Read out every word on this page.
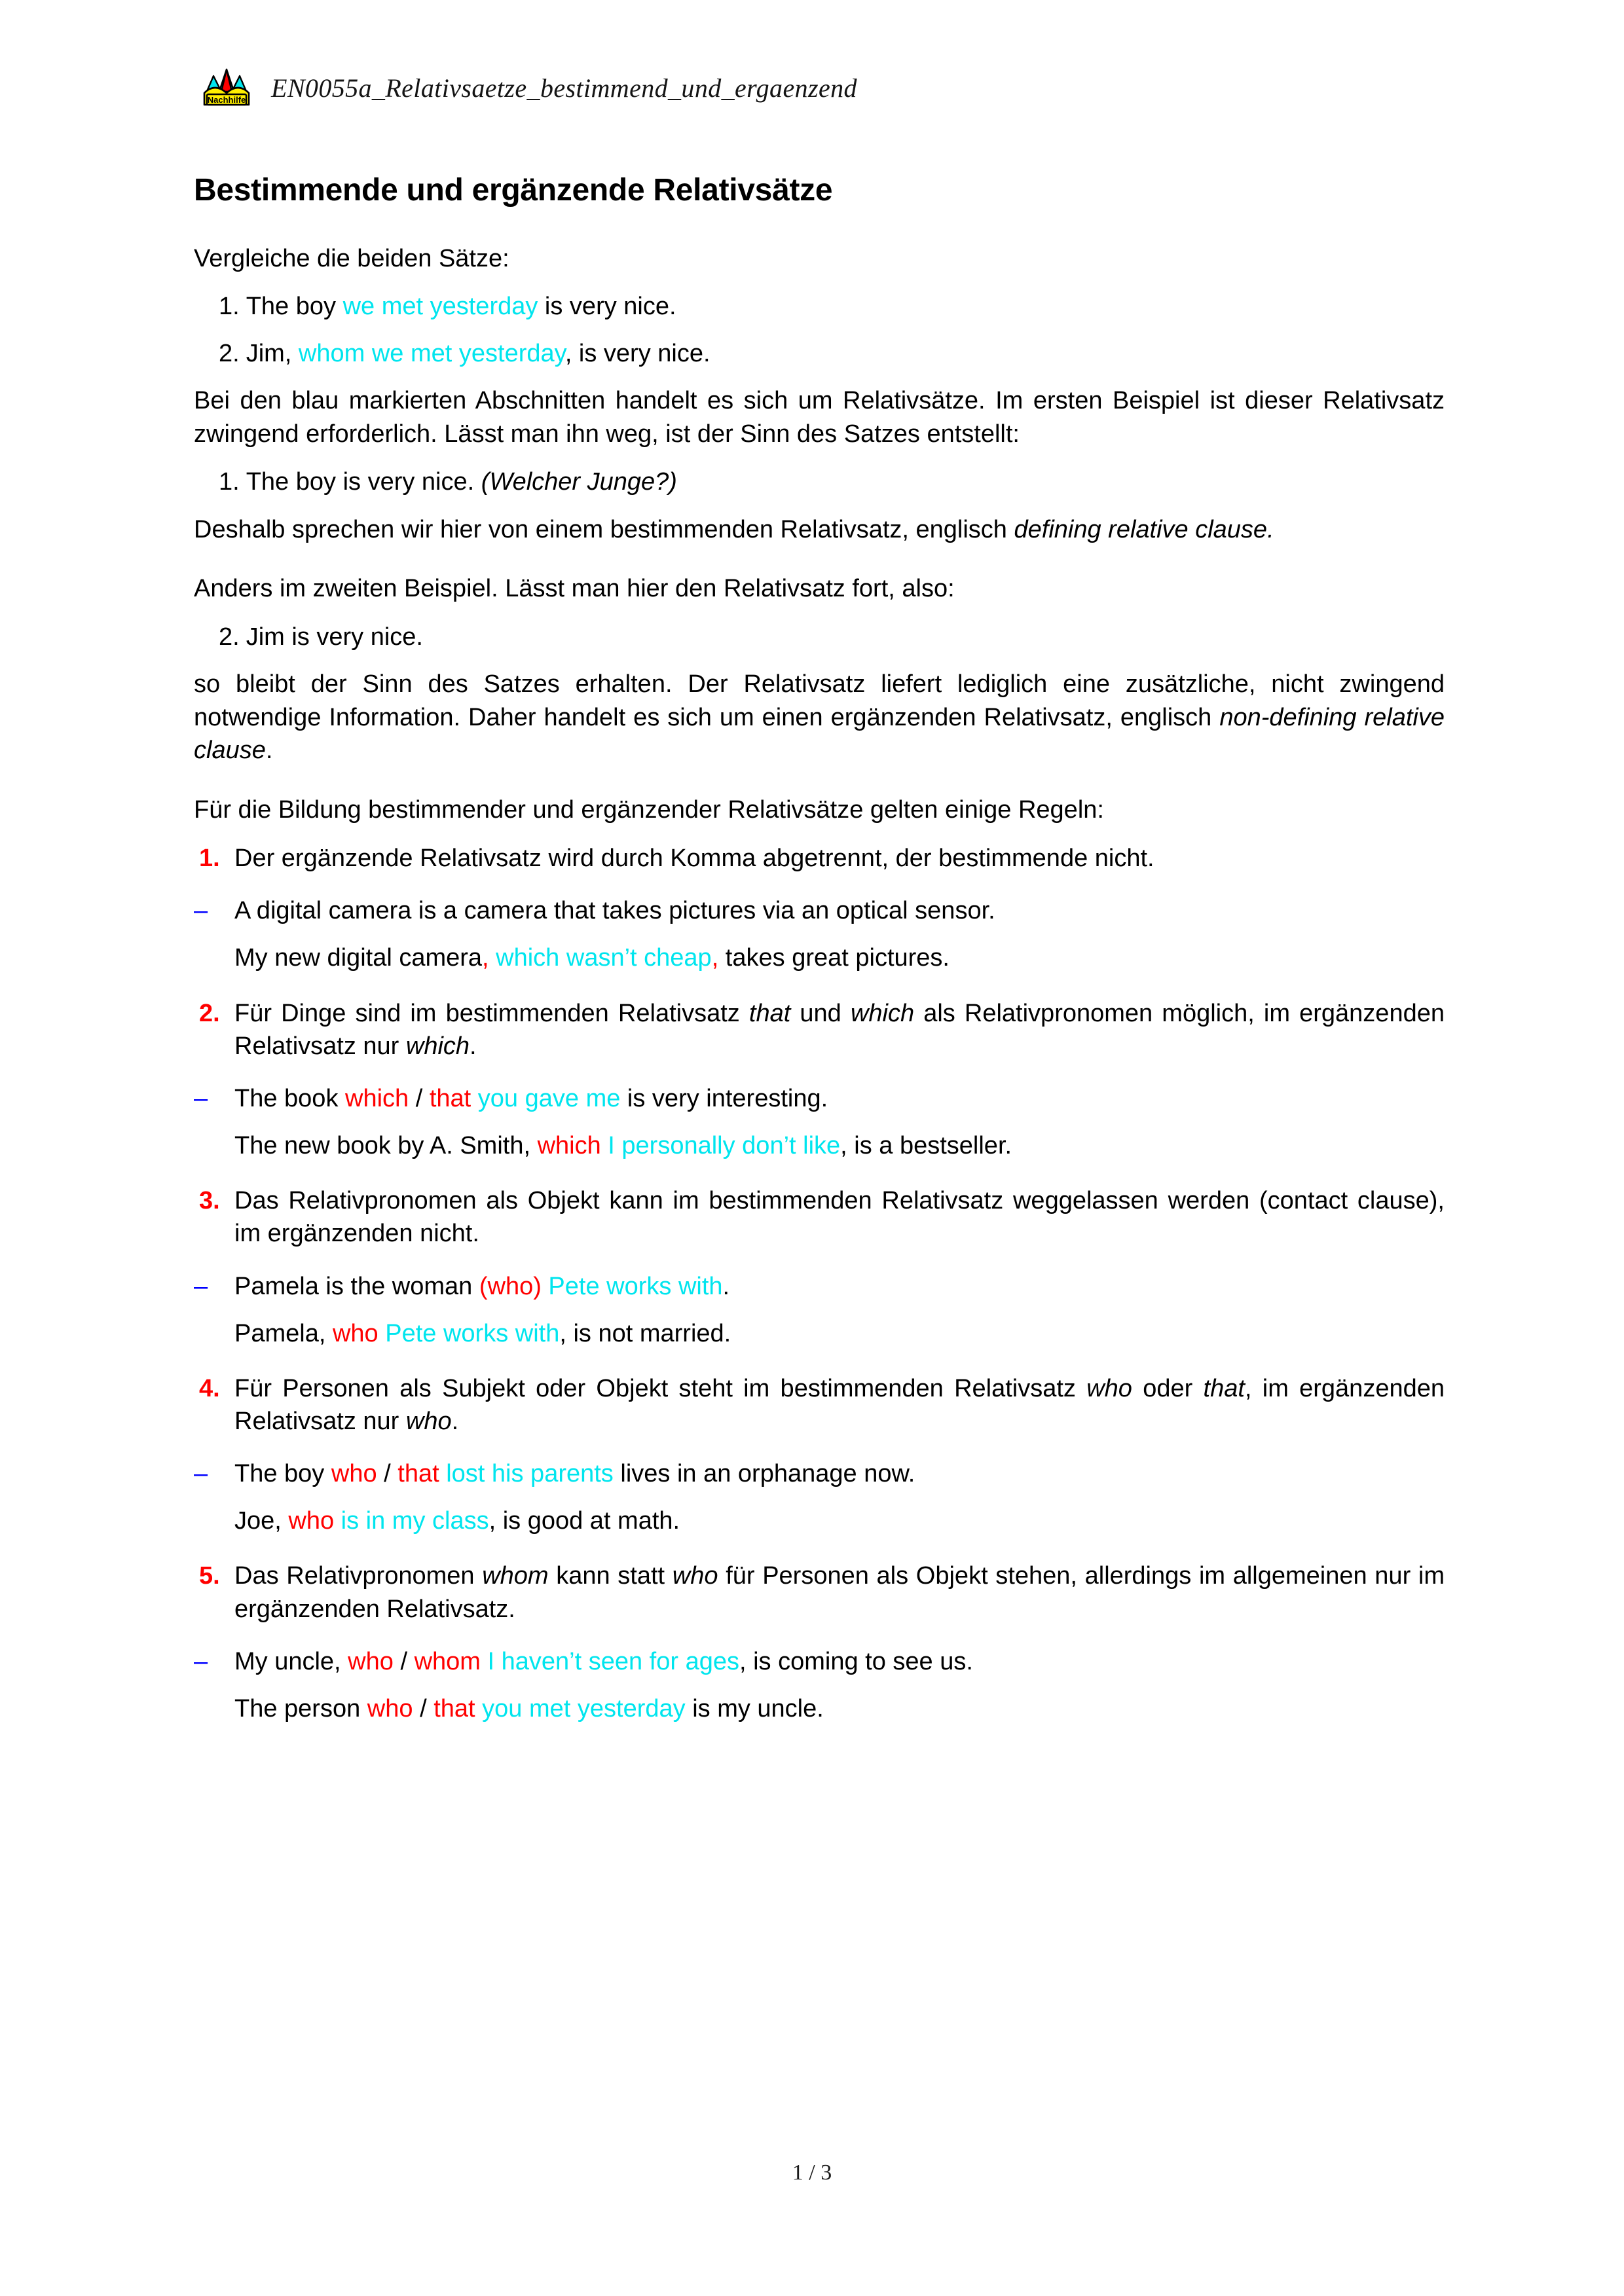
Nachhilfe EN0055a_Relativsaetze_bestimmend_und_ergaenzend
Bestimmende und ergänzende Relativsätze

Vergleiche die beiden Sätze:

1. The boy we met yesterday is very nice.
2. Jim, whom we met yesterday, is very nice.

Bei den blau markierten Abschnitten handelt es sich um Relativsätze. Im ersten Beispiel ist dieser Relativsatz zwingend erforderlich. Lässt man ihn weg, ist der Sinn des Satzes entstellt:

1. The boy is very nice. (Welcher Junge?)

Deshalb sprechen wir hier von einem bestimmenden Relativsatz, englisch defining relative clause.

Anders im zweiten Beispiel. Lässt man hier den Relativsatz fort, also:

2. Jim is very nice.

so bleibt der Sinn des Satzes erhalten. Der Relativsatz liefert lediglich eine zusätzliche, nicht zwingend notwendige Information. Daher handelt es sich um einen ergänzenden Relativsatz, englisch non-defining relative clause.

Für die Bildung bestimmender und ergänzender Relativsätze gelten einige Regeln:

1. Der ergänzende Relativsatz wird durch Komma abgetrennt, der bestimmende nicht.
– A digital camera is a camera that takes pictures via an optical sensor.
My new digital camera, which wasn’t cheap, takes great pictures.
2. Für Dinge sind im bestimmenden Relativsatz that und which als Relativpronomen möglich, im ergänzenden Relativsatz nur which.
– The book which / that you gave me is very interesting.
The new book by A. Smith, which I personally don’t like, is a bestseller.
3. Das Relativpronomen als Objekt kann im bestimmenden Relativsatz weggelassen werden (contact clause), im ergänzenden nicht.
– Pamela is the woman (who) Pete works with.
Pamela, who Pete works with, is not married.
4. Für Personen als Subjekt oder Objekt steht im bestimmenden Relativsatz who oder that, im ergänzenden Relativsatz nur who.
– The boy who / that lost his parents lives in an orphanage now.
Joe, who is in my class, is good at math.
5. Das Relativpronomen whom kann statt who für Personen als Objekt stehen, allerdings im allgemeinen nur im ergänzenden Relativsatz.
– My uncle, who / whom I haven’t seen for ages, is coming to see us.
The person who / that you met yesterday is my uncle.
1 / 3
